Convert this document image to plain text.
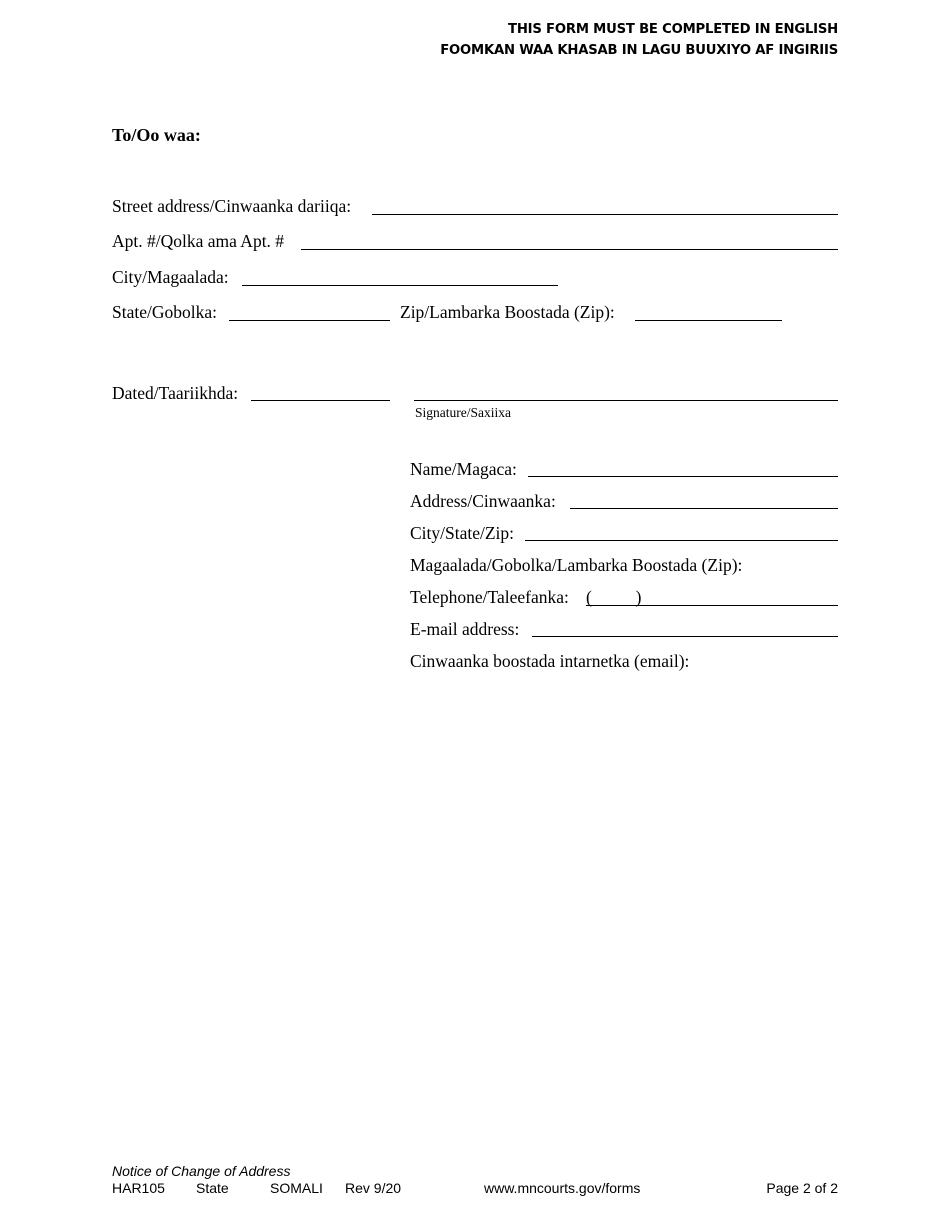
THIS FORM MUST BE COMPLETED IN ENGLISH
FOOMKAN WAA KHASAB IN LAGU BUUXIYO AF INGIRIIS
To/Oo waa:
Street address/Cinwaanka dariiqa:
Apt. #/Qolka ama Apt. #
City/Magaalada:
State/Gobolka:	Zip/Lambarka Boostada (Zip):
Dated/Taariikhda:
Signature/Saxiixa
Name/Magaca:
Address/Cinwaanka:
City/State/Zip:
Magaalada/Gobolka/Lambarka Boostada (Zip):
Telephone/Taleefanka: (          )
E-mail address:
Cinwaanka boostada intarnetka (email):
Notice of Change of Address
HAR105 State	SOMALI Rev 9/20	www.mncourts.gov/forms	Page 2 of 2
